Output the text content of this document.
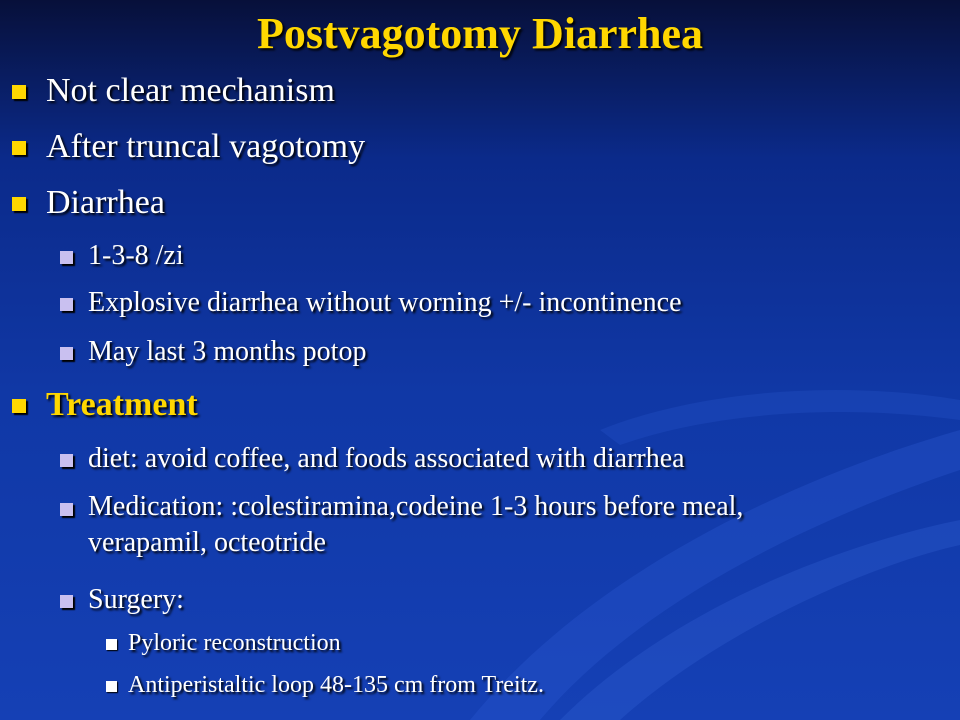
Postvagotomy Diarrhea
Not clear mechanism
After truncal vagotomy
Diarrhea
1-3-8 /zi
Explosive diarrhea without worning +/- incontinence
May last 3 months potop
Treatment
diet: avoid coffee, and foods associated with diarrhea
Medication: :colestiramina,codeine 1-3 hours before meal,
verapamil, octeotride
Surgery:
Pyloric reconstruction
Antiperistaltic loop 48-135 cm from Treitz.
